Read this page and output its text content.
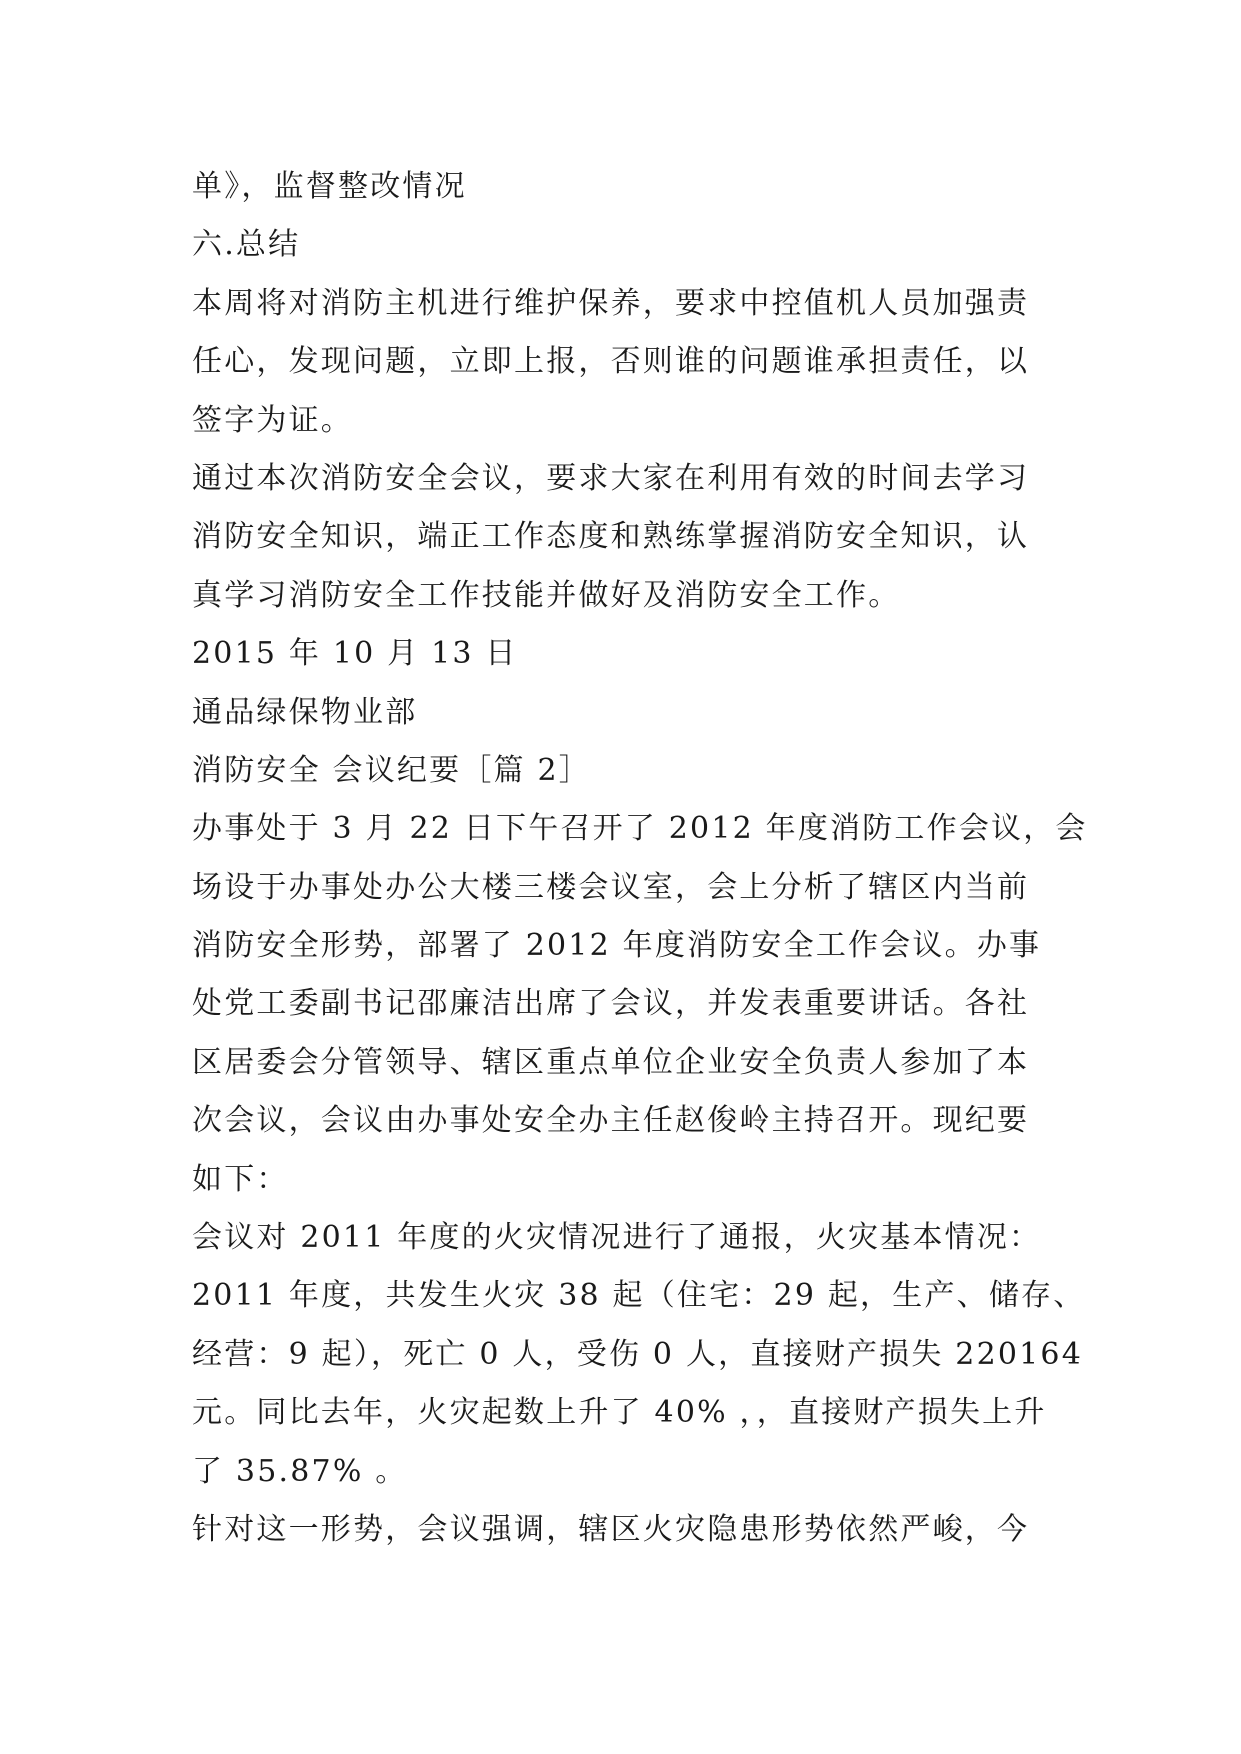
单》，监督整改情况

六.总结

本周将对消防主机进行维护保养，要求中控值机人员加强责

任心，发现问题，立即上报，否则谁的问题谁承担责任，以

签字为证。

通过本次消防安全会议，要求大家在利用有效的时间去学习

消防安全知识，端正工作态度和熟练掌握消防安全知识，认

真学习消防安全工作技能并做好及消防安全工作。

2015 年 10 月 13 日

通品绿保物业部

消防安全 会议纪要［篇 2］

办事处于 3 月 22 日下午召开了 2012 年度消防工作会议，会

场设于办事处办公大楼三楼会议室，会上分析了辖区内当前

消防安全形势，部署了 2012 年度消防安全工作会议。办事

处党工委副书记邵廉洁出席了会议，并发表重要讲话。各社

区居委会分管领导、辖区重点单位企业安全负责人参加了本

次会议，会议由办事处安全办主任赵俊岭主持召开。现纪要

如下：

会议对 2011 年度的火灾情况进行了通报，火灾基本情况：

2011 年度，共发生火灾 38 起（住宅：29 起，生产、储存、

经营：9 起），死亡 0 人，受伤 0 人，直接财产损失 220164

元。同比去年，火灾起数上升了 40% ，，直接财产损失上升

了 35.87% 。

针对这一形势，会议强调，辖区火灾隐患形势依然严峻，今
